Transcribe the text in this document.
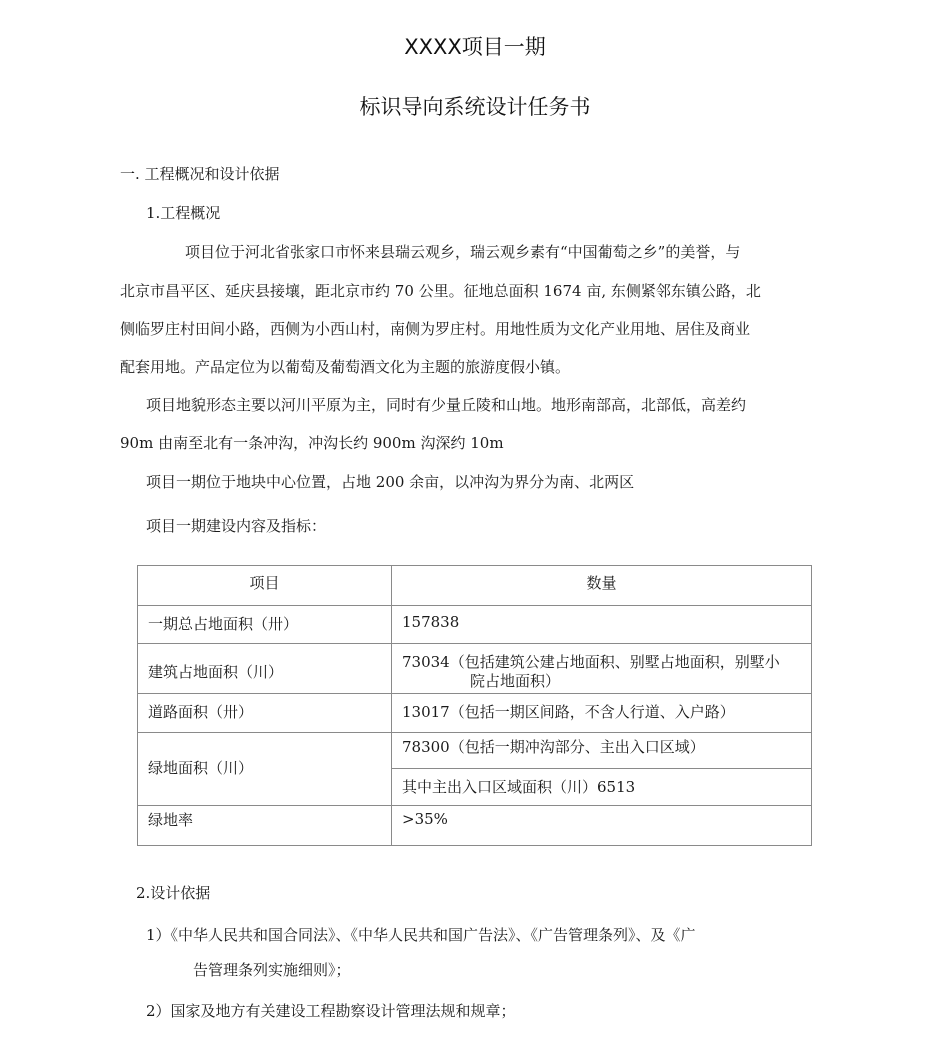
XXXX项目一期
标识导向系统设计任务书
一. 工程概况和设计依据
1.工程概况
项目位于河北省张家口市怀来县瑞云观乡，瑞云观乡素有“中国葡萄之乡”的美誉，与
北京市昌平区、延庆县接壤，距北京市约 70 公里。征地总面积 1674 亩, 东侧紧邻东镇公路，北
侧临罗庄村田间小路，西侧为小西山村，南侧为罗庄村。用地性质为文化产业用地、居住及商业
配套用地。产品定位为以葡萄及葡萄酒文化为主题的旅游度假小镇。
项目地貌形态主要以河川平原为主，同时有少量丘陵和山地。地形南部高，北部低，高差约
90m 由南至北有一条冲沟，冲沟长约 900m 沟深约 10m
项目一期位于地块中心位置，占地 200 余亩，以冲沟为界分为南、北两区
项目一期建设内容及指标：
项目	数量

一期总占地面积（卅）	157838

建筑占地面积（川）	73034（包括建筑公建占地面积、别墅占地面积，别墅小
院占地面积）

道路面积（卅）	13017（包括一期区间路，不含人行道、入户路）

绿地面积（川）	78300（包括一期冲沟部分、主出入口区域）

	其中主出入口区域面积（川）6513

绿地率	>35%
2.设计依据
1）《中华人民共和国合同法》、《中华人民共和国广告法》、《广告管理条列》、及《广
告管理条列实施细则》；
2）国家及地方有关建设工程勘察设计管理法规和规章；
